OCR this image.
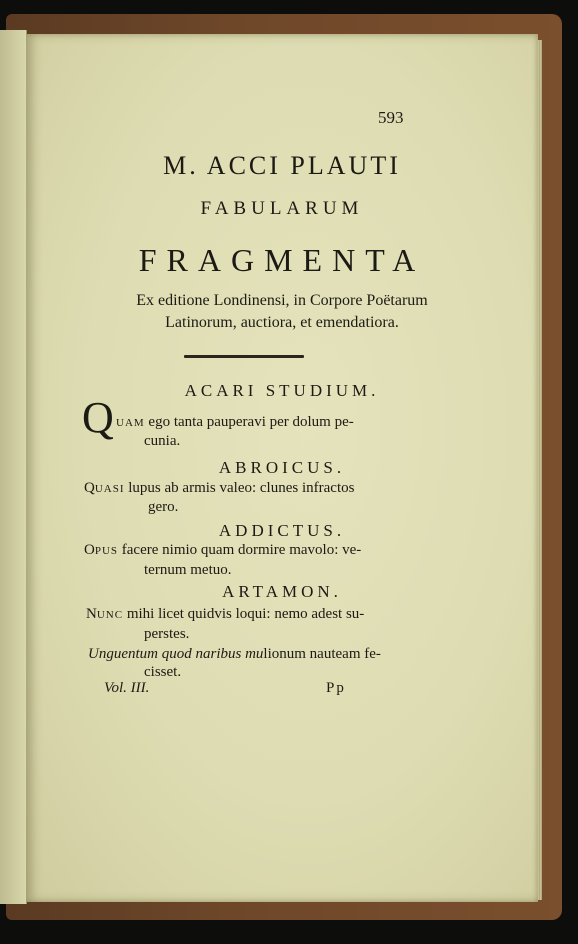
593
M. ACCI PLAUTI
FABULARUM
FRAGMENTA
Ex editione Londinensi, in Corpore Poëtarum
Latinorum, auctiora, et emendatiora.
ACARI STUDIUM.
Q UAM ego tanta pauperavi per dolum pe-
cunia.
ABROICUS.
QUASI lupus ab armis valeo: clunes infractos
gero.
ADDICTUS.
OPUS facere nimio quam dormire mavolo: ve-
ternum metuo.
ARTAMON.
NUNC mihi licet quidvis loqui: nemo adest su-
perstes.
Unguentum quod naribus mulionum nauteam fe-
cisset.
Vol. III.	Pp
